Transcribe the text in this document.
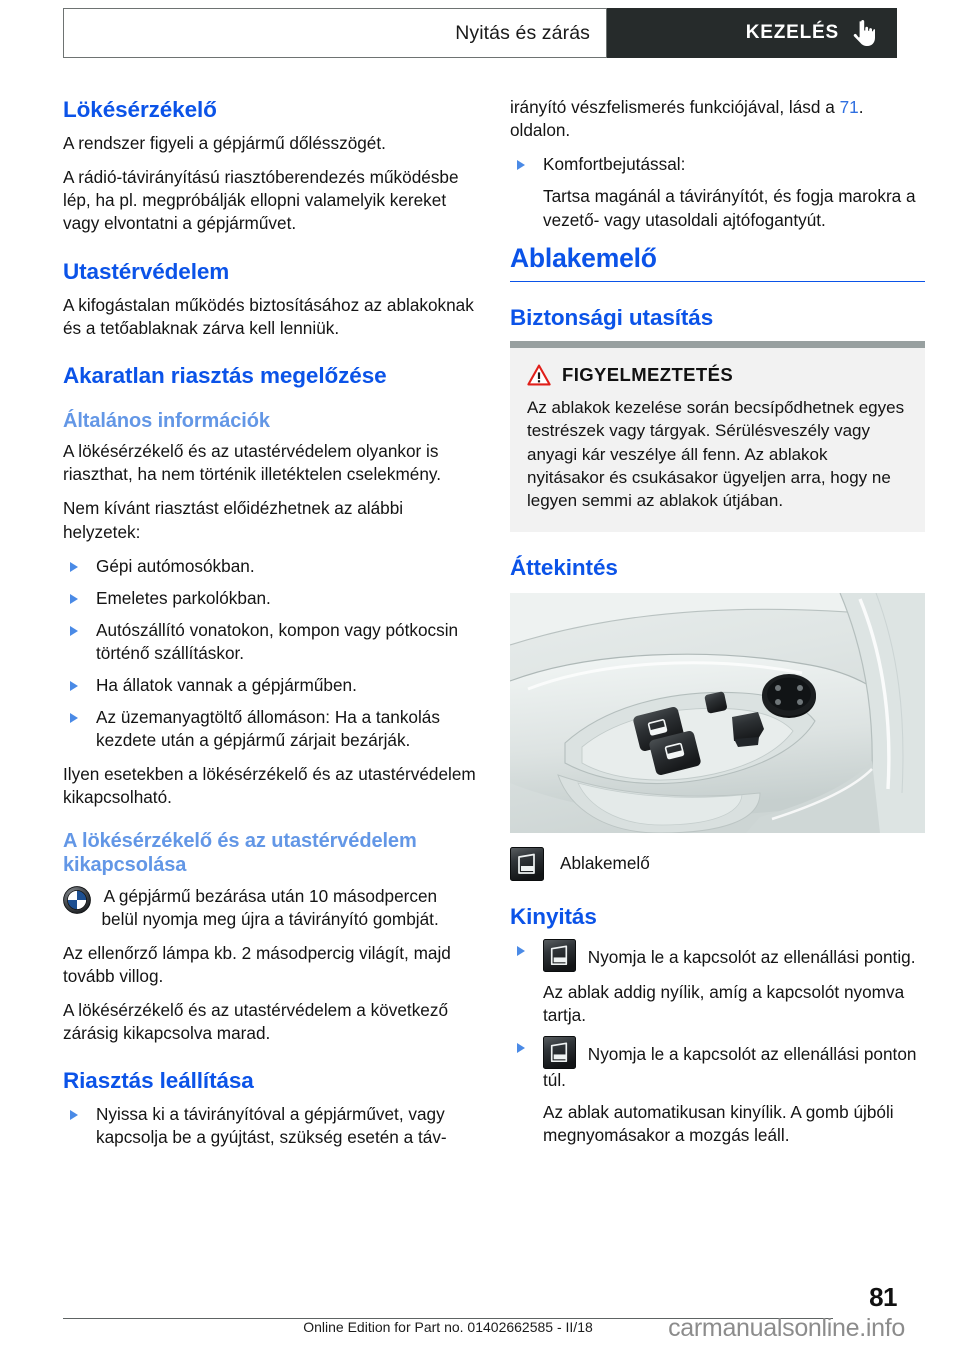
Nyitás és zárás	KEZELÉS
Lökésérzékelő

A rendszer figyeli a gépjármű dőlésszögét.

A rádió-távirányítású riasztóberendezés működésbe lép, ha pl. megpróbálják ellopni valamelyik kereket vagy elvontatni a gépjárművet.

Utastérvédelem

A kifogástalan működés biztosításához az ablakoknak és a tetőablaknak zárva kell lenniük.

Akaratlan riasztás megelőzése
Általános információk

A lökésérzékelő és az utastérvédelem olyankor is riaszthat, ha nem történik illetéktelen cselekmény.

Nem kívánt riasztást előidézhetnek az alábbi helyzetek:

Gépi autómosókban.
Emeletes parkolókban.
Autószállító vonatokon, kompon vagy pótkocsin történő szállításkor.
Ha állatok vannak a gépjárműben.
Az üzemanyagtöltő állomáson: Ha a tankolás kezdete után a gépjármű zárjait bezárják.

Ilyen esetekben a lökésérzékelő és az utastérvédelem kikapcsolható.

A lökésérzékelő és az utastérvédelem kikapcsolása

A gépjármű bezárása után 10 másodpercen belül nyomja meg újra a távirányító gombját.

Az ellenőrző lámpa kb. 2 másodpercig világít, majd tovább villog.

A lökésérzékelő és az utastérvédelem a következő zárásig kikapcsolva marad.

Riasztás leállítása
Nyissa ki a távirányítóval a gépjárművet, vagy kapcsolja be a gyújtást, szükség esetén a táv-

irányító vészfelismerés funkciójával, lásd a 71. oldalon.

Komfortbejutással:

Tartsa magánál a távirányítót, és fogja marokra a vezető- vagy utasoldali ajtófogantyút.

Ablakemelő
Biztonsági utasítás
FIGYELMEZTETÉS

Az ablakok kezelése során becsípődhetnek egyes testrészek vagy tárgyak. Sérülésveszély vagy anyagi kár veszélye áll fenn. Az ablakok nyitásakor és csukásakor ügyeljen arra, hogy ne legyen semmi az ablakok útjában.

Áttekintés
Ablakemelő
Kinyitás
Nyomja le a kapcsolót az ellenállási pontig.

Az ablak addig nyílik, amíg a kapcsolót nyomva tartja.

Nyomja le a kapcsolót az ellenállási ponton túl.

Az ablak automatikusan kinyílik. A gomb újbóli megnyomásakor a mozgás leáll.

81
Online Edition for Part no. 01402662585 - II/18	carmanualsonline.info
